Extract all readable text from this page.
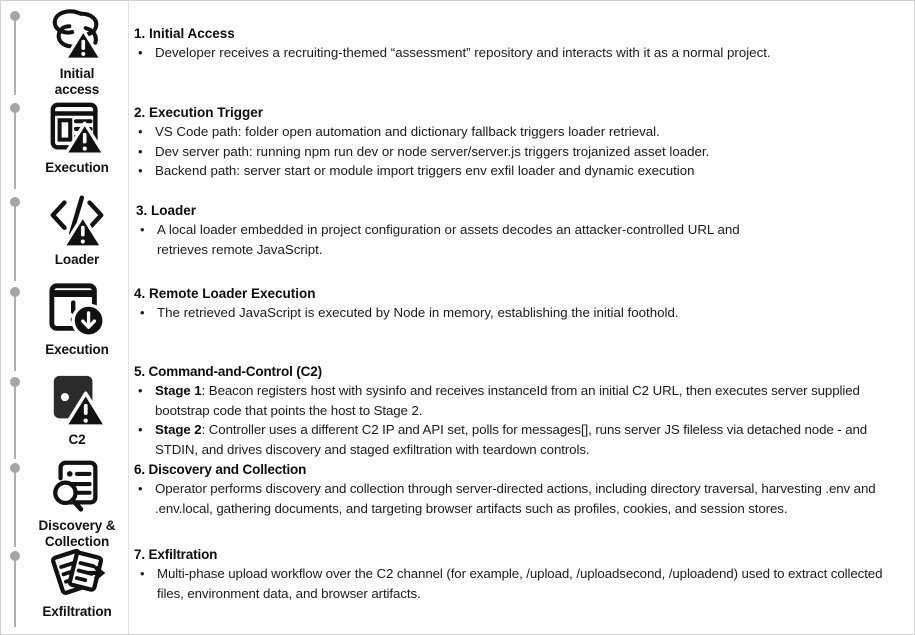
Initial
access
Execution
Loader
Execution
C2
Discovery &
Collection
Exfiltration
1. Initial Access
• Developer receives a recruiting-themed “assessment” repository and interacts with it as a normal project.
2. Execution Trigger
• VS Code path: folder open automation and dictionary fallback triggers loader retrieval.
• Dev server path: running npm run dev or node server/server.js triggers trojanized asset loader.
• Backend path: server start or module import triggers env exfil loader and dynamic execution
3. Loader
• A local loader embedded in project configuration or assets decodes an attacker-controlled URL and retrieves remote JavaScript.
4. Remote Loader Execution
• The retrieved JavaScript is executed by Node in memory, establishing the initial foothold.
5. Command-and-Control (C2)
• Stage 1: Beacon registers host with sysinfo and receives instanceId from an initial C2 URL, then executes server supplied bootstrap code that points the host to Stage 2.
• Stage 2: Controller uses a different C2 IP and API set, polls for messages[], runs server JS fileless via detached node - and STDIN, and drives discovery and staged exfiltration with teardown controls.
6. Discovery and Collection
• Operator performs discovery and collection through server-directed actions, including directory traversal, harvesting .env and .env.local, gathering documents, and targeting browser artifacts such as profiles, cookies, and session stores.
7. Exfiltration
• Multi-phase upload workflow over the C2 channel (for example, /upload, /uploadsecond, /uploadend) used to extract collected files, environment data, and browser artifacts.
